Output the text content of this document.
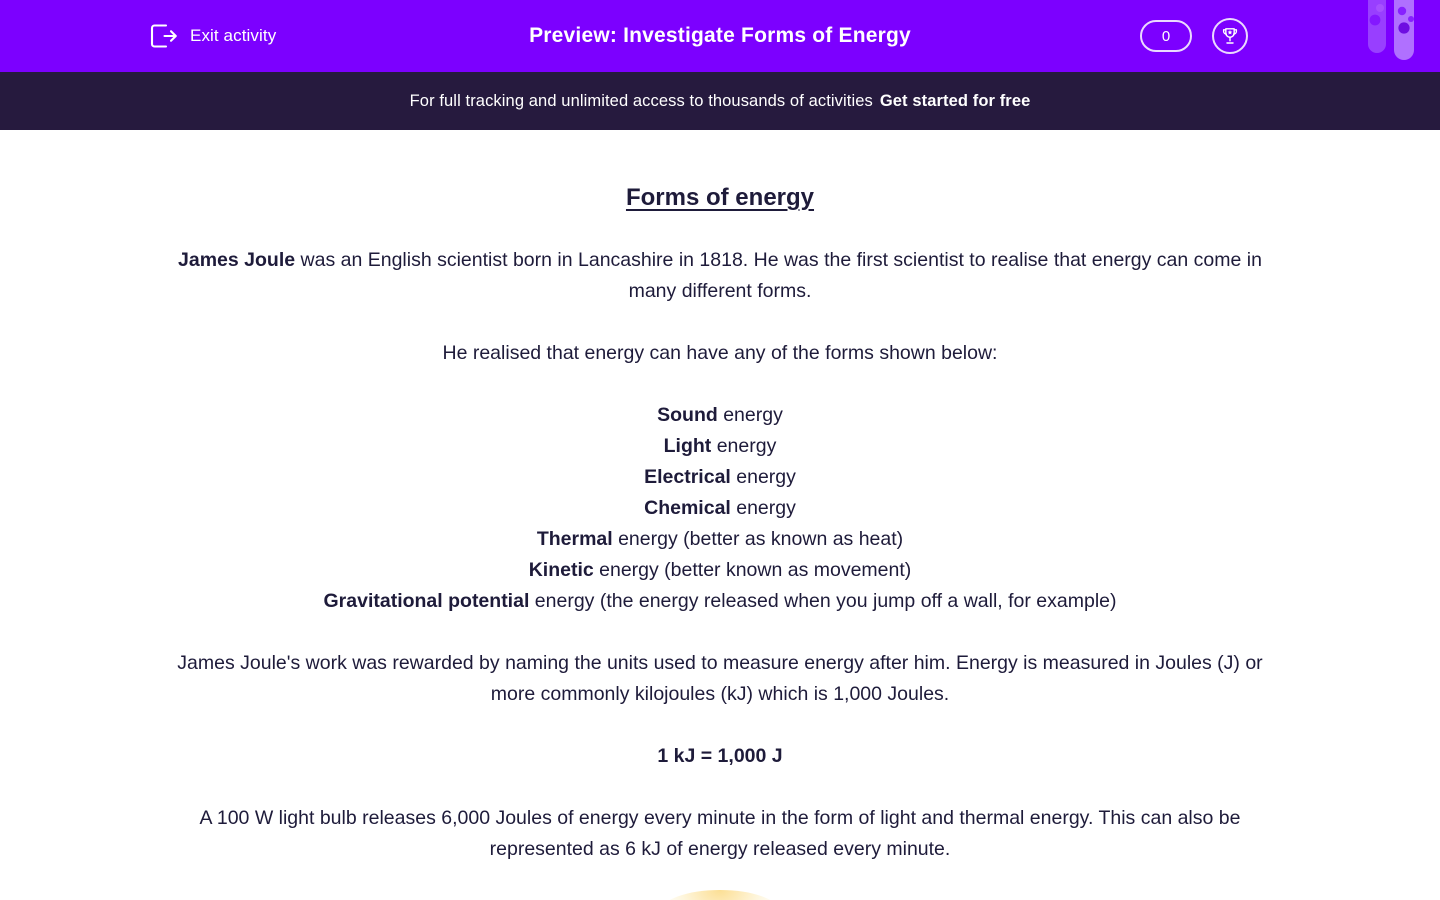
Exit activity	Preview: Investigate Forms of Energy	0
For full tracking and unlimited access to thousands of activities Get started for free
Forms of energy

James Joule was an English scientist born in Lancashire in 1818. He was the first scientist to realise that energy can come in many different forms.

He realised that energy can have any of the forms shown below:

Sound energy
Light energy
Electrical energy
Chemical energy
Thermal energy (better as known as heat)
Kinetic energy (better known as movement)
Gravitational potential energy (the energy released when you jump off a wall, for example)

James Joule's work was rewarded by naming the units used to measure energy after him. Energy is measured in Joules (J) or more commonly kilojoules (kJ) which is 1,000 Joules.

1 kJ = 1,000 J

A 100 W light bulb releases 6,000 Joules of energy every minute in the form of light and thermal energy. This can also be represented as 6 kJ of energy released every minute.
